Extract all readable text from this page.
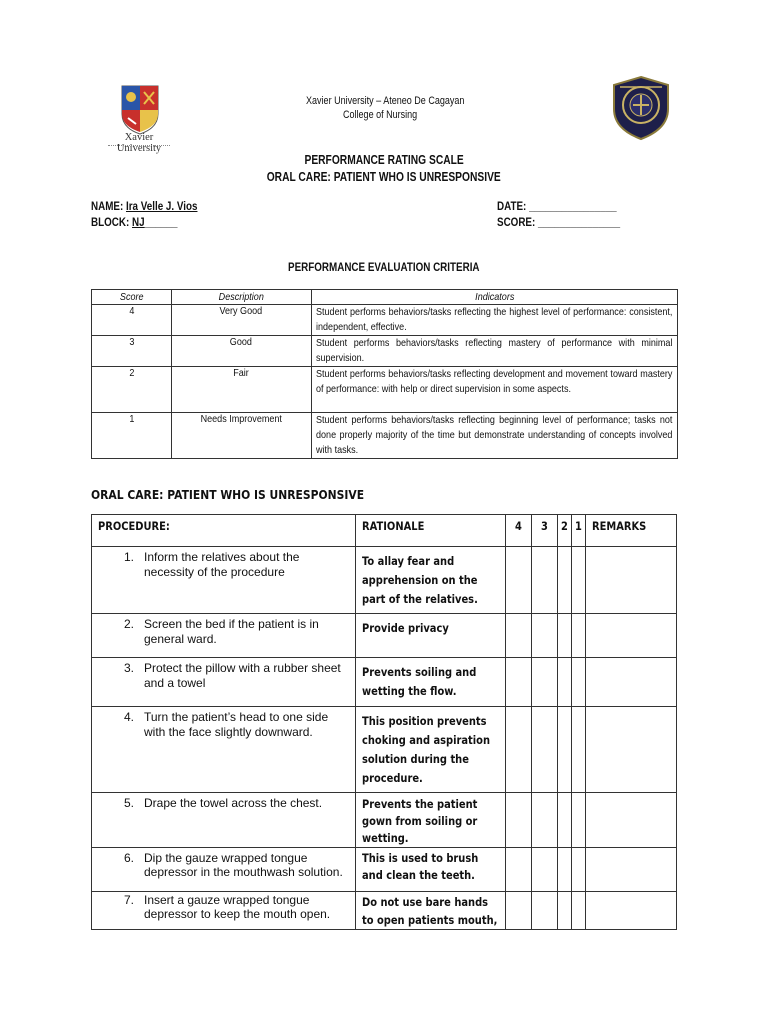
Xavier University
Xavier University – Ateneo De Cagayan
College of Nursing
PERFORMANCE RATING SCALE
ORAL CARE: PATIENT WHO IS UNRESPONSIVE
NAME: Ira Velle J. Vios
BLOCK: NJ______
DATE: ________________
SCORE: _______________
PERFORMANCE EVALUATION CRITERIA
Score	Description	Indicators
4	Very Good	Student performs behaviors/tasks reflecting the highest level of performance: consistent, independent, effective.
3	Good	Student performs behaviors/tasks reflecting mastery of performance with minimal supervision.
2	Fair	Student performs behaviors/tasks reflecting development and movement toward mastery of performance: with help or direct supervision in some aspects.
1	Needs Improvement	Student performs behaviors/tasks reflecting beginning level of performance; tasks not done properly majority of the time but demonstrate understanding of concepts involved with tasks.
ORAL CARE: PATIENT WHO IS UNRESPONSIVE
PROCEDURE:	RATIONALE	4	3	2	1	REMARKS

1. Inform the relatives about the necessity of the procedure	To allay fear and apprehension on the part of the relatives.					

2. Screen the bed if the patient is in general ward.	Provide privacy					

3. Protect the pillow with a rubber sheet and a towel	Prevents soiling and wetting the flow.					

4. Turn the patient’s head to one side with the face slightly downward.	This position prevents choking and aspiration solution during the procedure.					

5. Drape the towel across the chest.	Prevents the patient gown from soiling or wetting.					

6. Dip the gauze wrapped tongue depressor in the mouthwash solution.	This is used to brush and clean the teeth.					

7. Insert a gauze wrapped tongue depressor to keep the mouth open.	Do not use bare hands to open patients mouth,					
